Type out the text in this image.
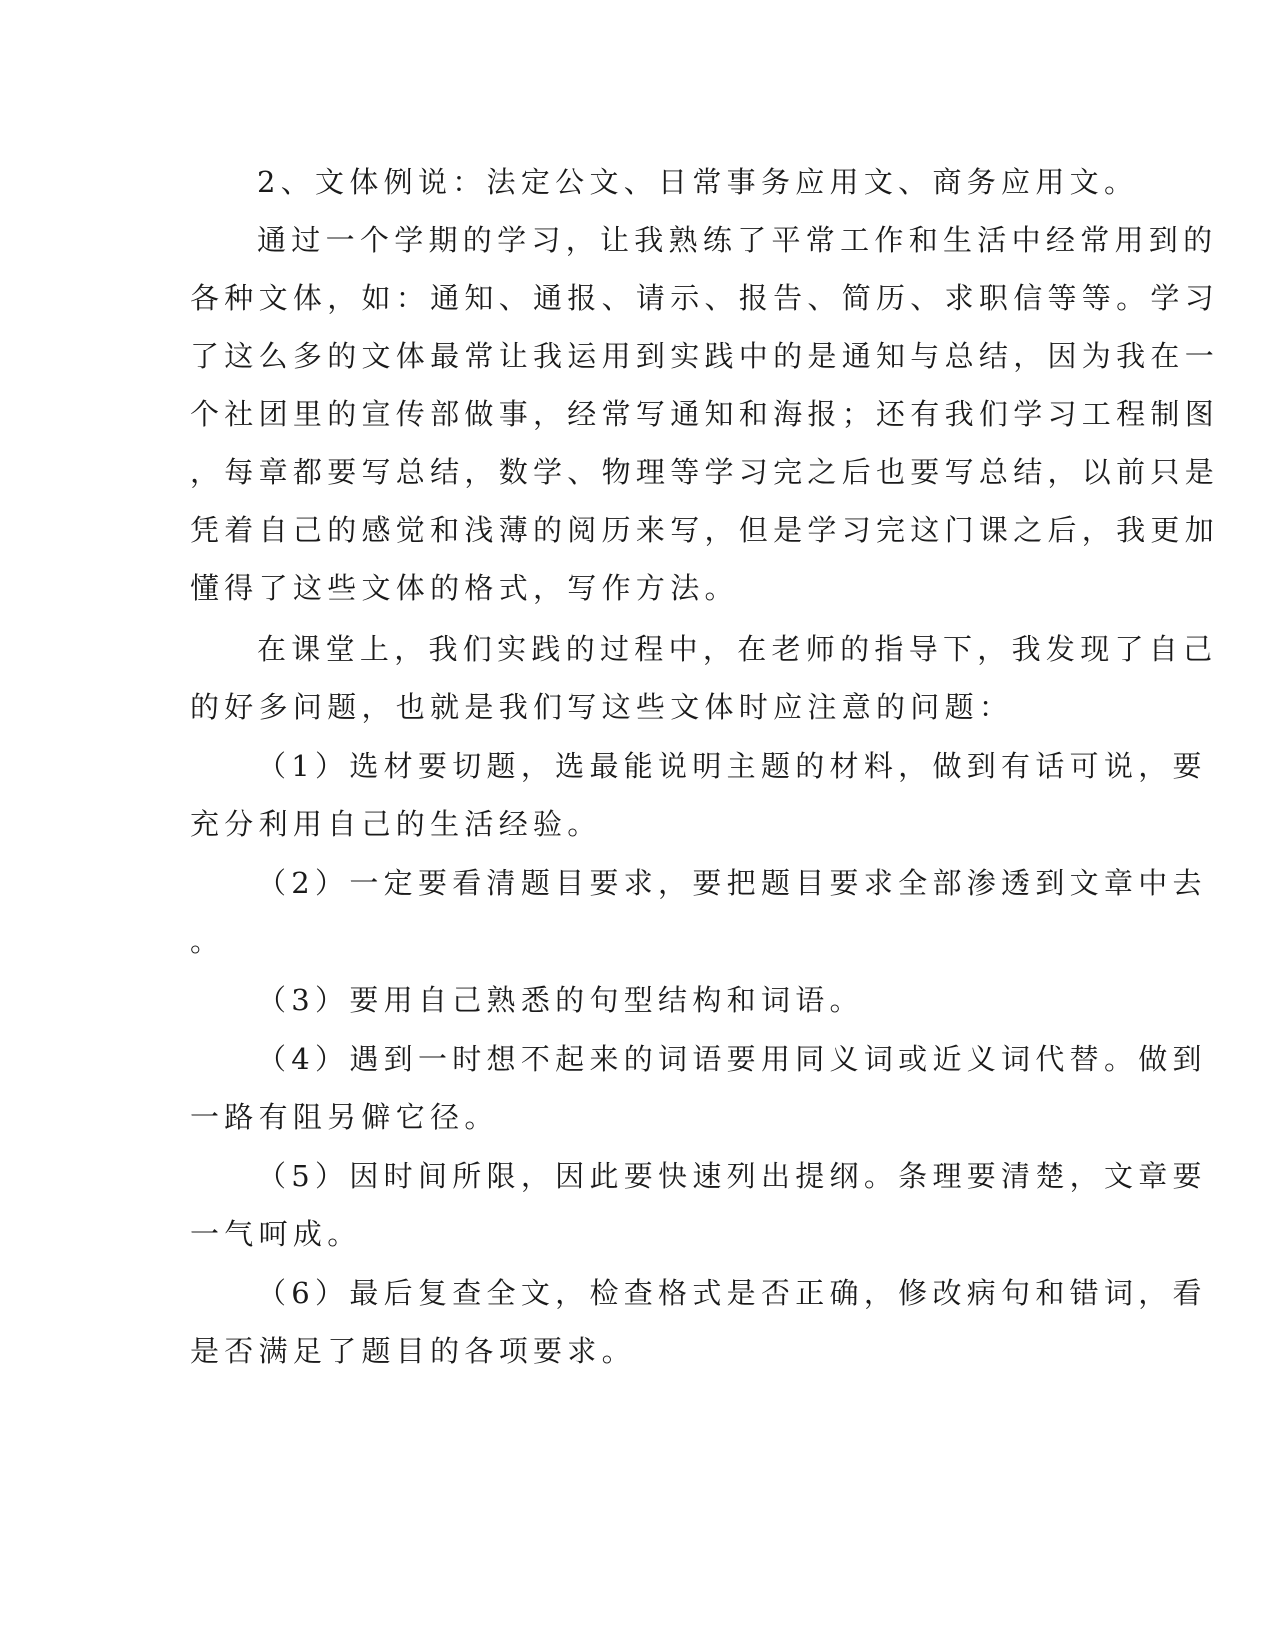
2、文体例说：法定公文、日常事务应用文、商务应用文。
通过一个学期的学习，让我熟练了平常工作和生活中经常用到的
各种文体，如：通知、通报、请示、报告、简历、求职信等等。学习
了这么多的文体最常让我运用到实践中的是通知与总结，因为我在一
个社团里的宣传部做事，经常写通知和海报；还有我们学习工程制图
，每章都要写总结，数学、物理等学习完之后也要写总结，以前只是
凭着自己的感觉和浅薄的阅历来写，但是学习完这门课之后，我更加
懂得了这些文体的格式，写作方法。
在课堂上，我们实践的过程中，在老师的指导下，我发现了自己
的好多问题，也就是我们写这些文体时应注意的问题：
（1）选材要切题，选最能说明主题的材料，做到有话可说，要
充分利用自己的生活经验。
（2）一定要看清题目要求，要把题目要求全部渗透到文章中去
。
（3）要用自己熟悉的句型结构和词语。
（4）遇到一时想不起来的词语要用同义词或近义词代替。做到
一路有阻另僻它径。
（5）因时间所限，因此要快速列出提纲。条理要清楚，文章要
一气呵成。
（6）最后复查全文，检查格式是否正确，修改病句和错词，看
是否满足了题目的各项要求。
